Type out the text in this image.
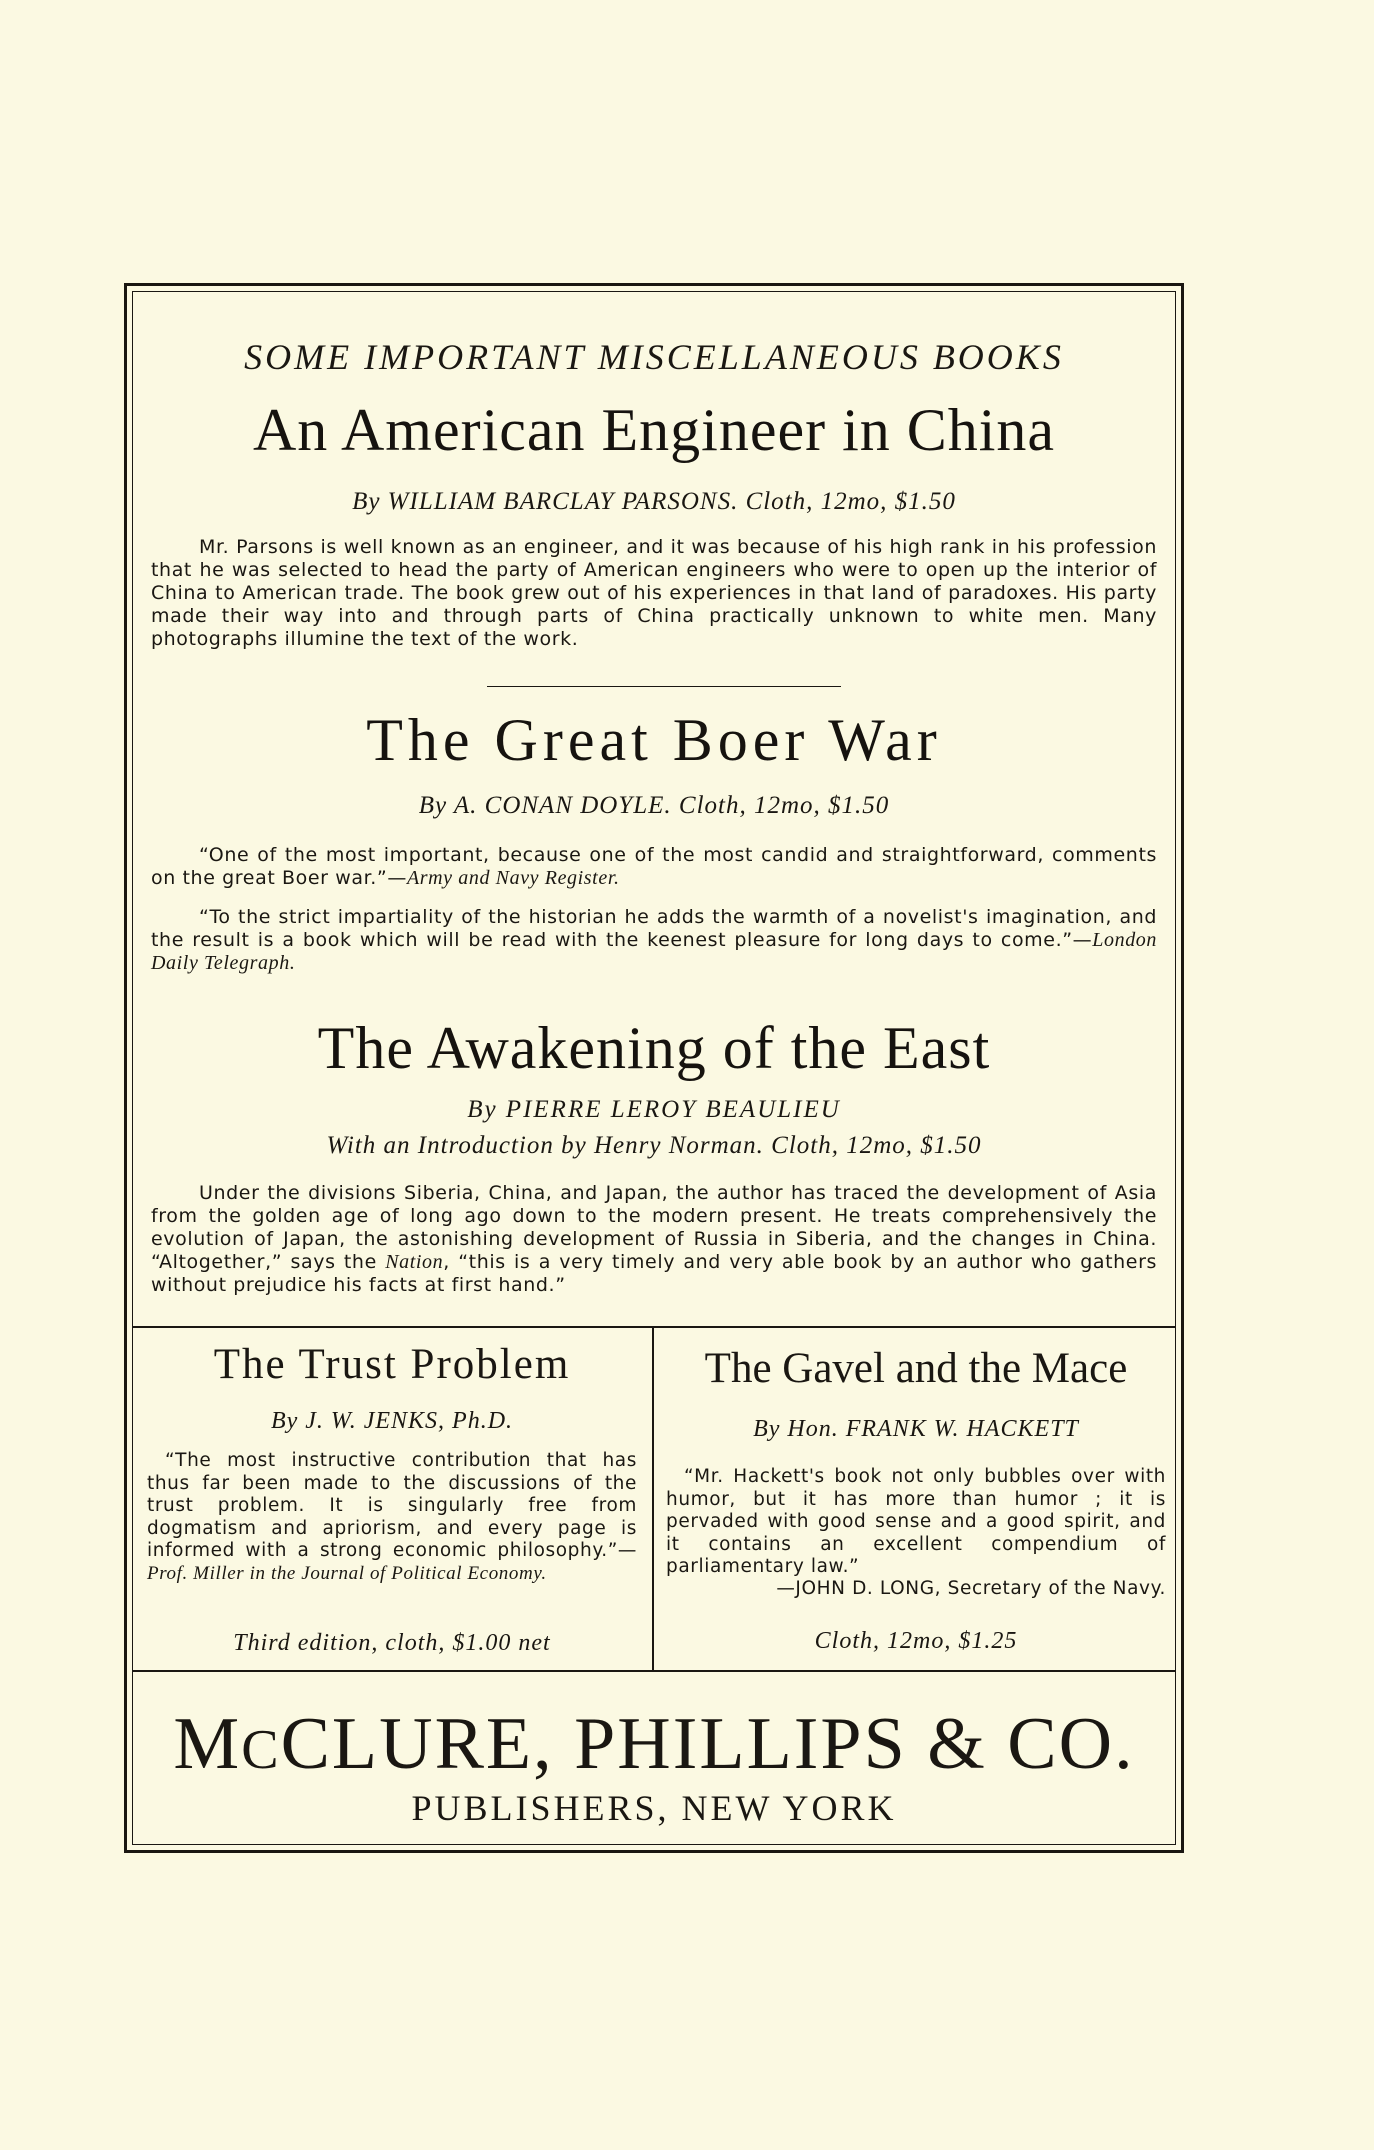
SOME IMPORTANT MISCELLANEOUS BOOKS
An American Engineer in China

By WILLIAM BARCLAY PARSONS. Cloth, 12mo, $1.50

Mr. Parsons is well known as an engineer, and it was because of his high rank in his profession that he was selected to head the party of American engineers who were to open up the interior of China to American trade. The book grew out of his experiences in that land of paradoxes. His party made their way into and through parts of China practically unknown to white men. Many photographs illumine the text of the work.

The Great Boer War

By A. CONAN DOYLE. Cloth, 12mo, $1.50

“One of the most important, because one of the most candid and straightforward, comments on the great Boer war.”—Army and Navy Register.

“To the strict impartiality of the historian he adds the warmth of a novelist's imagination, and the result is a book which will be read with the keenest pleasure for long days to come.”—London Daily Telegraph.

The Awakening of the East

By PIERRE LEROY BEAULIEU

With an Introduction by Henry Norman. Cloth, 12mo, $1.50

Under the divisions Siberia, China, and Japan, the author has traced the development of Asia from the golden age of long ago down to the modern present. He treats comprehensively the evolution of Japan, the astonishing development of Russia in Siberia, and the changes in China. “Altogether,” says the Nation, “this is a very timely and very able book by an author who gathers without prejudice his facts at first hand.”

The Trust Problem

By J. W. JENKS, Ph.D.

“The most instructive contribution that has thus far been made to the discussions of the trust problem. It is singularly free from dogmatism and apriorism, and every page is informed with a strong economic philosophy.”—Prof. Miller in the Journal of Political Economy.

Third edition, cloth, $1.00 net

The Gavel and the Mace

By Hon. FRANK W. HACKETT

“Mr. Hackett's book not only bubbles over with humor, but it has more than humor ; it is pervaded with good sense and a good spirit, and it contains an excellent compendium of parliamentary law.”

—JOHN D. LONG, Secretary of the Navy.

Cloth, 12mo, $1.25

MCCLURE, PHILLIPS & CO.

PUBLISHERS, NEW YORK
